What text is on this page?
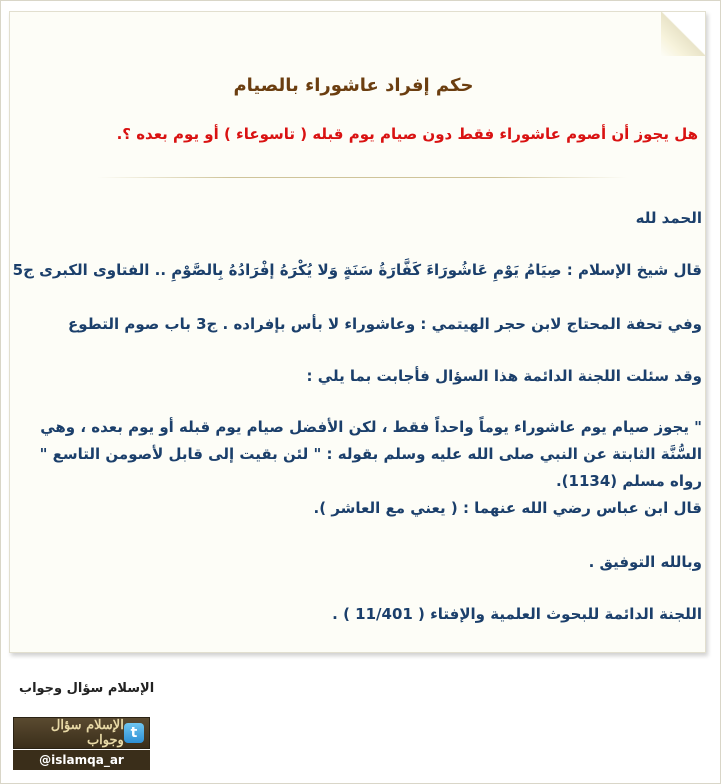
حكم إفراد عاشوراء بالصيام
هل يجوز أن أصوم عاشوراء فقط دون صيام يوم قبله ( تاسوعاء ) أو يوم بعده ؟.
الحمد لله
قال شيخ الإسلام : صِيَامُ يَوْمِ عَاشُورَاءَ كَفَّارَةُ سَنَةٍ وَلا يُكْرَهُ إفْرَادُهُ بِالصَّوْمِ .. الفتاوى الكبرى ج5
وفي تحفة المحتاج لابن حجر الهيتمي : وعاشوراء لا بأس بإفراده . ج3 باب صوم التطوع
وقد سئلت اللجنة الدائمة هذا السؤال فأجابت بما يلي :
" يجوز صيام يوم عاشوراء يوماً واحداً فقط ، لكن الأفضل صيام يوم قبله أو يوم بعده ، وهي السُّنَّة الثابتة عن النبي صلى الله عليه وسلم بقوله : " لئن بقيت إلى قابل لأصومن التاسع " رواه مسلم (1134).
قال ابن عباس رضي الله عنهما : ( يعني مع العاشر ).
وبالله التوفيق .
اللجنة الدائمة للبحوث العلمية والإفتاء ( 11/401 ) .
الإسلام سؤال وجواب
الإسلام سؤال وجواب t
@islamqa_ar
